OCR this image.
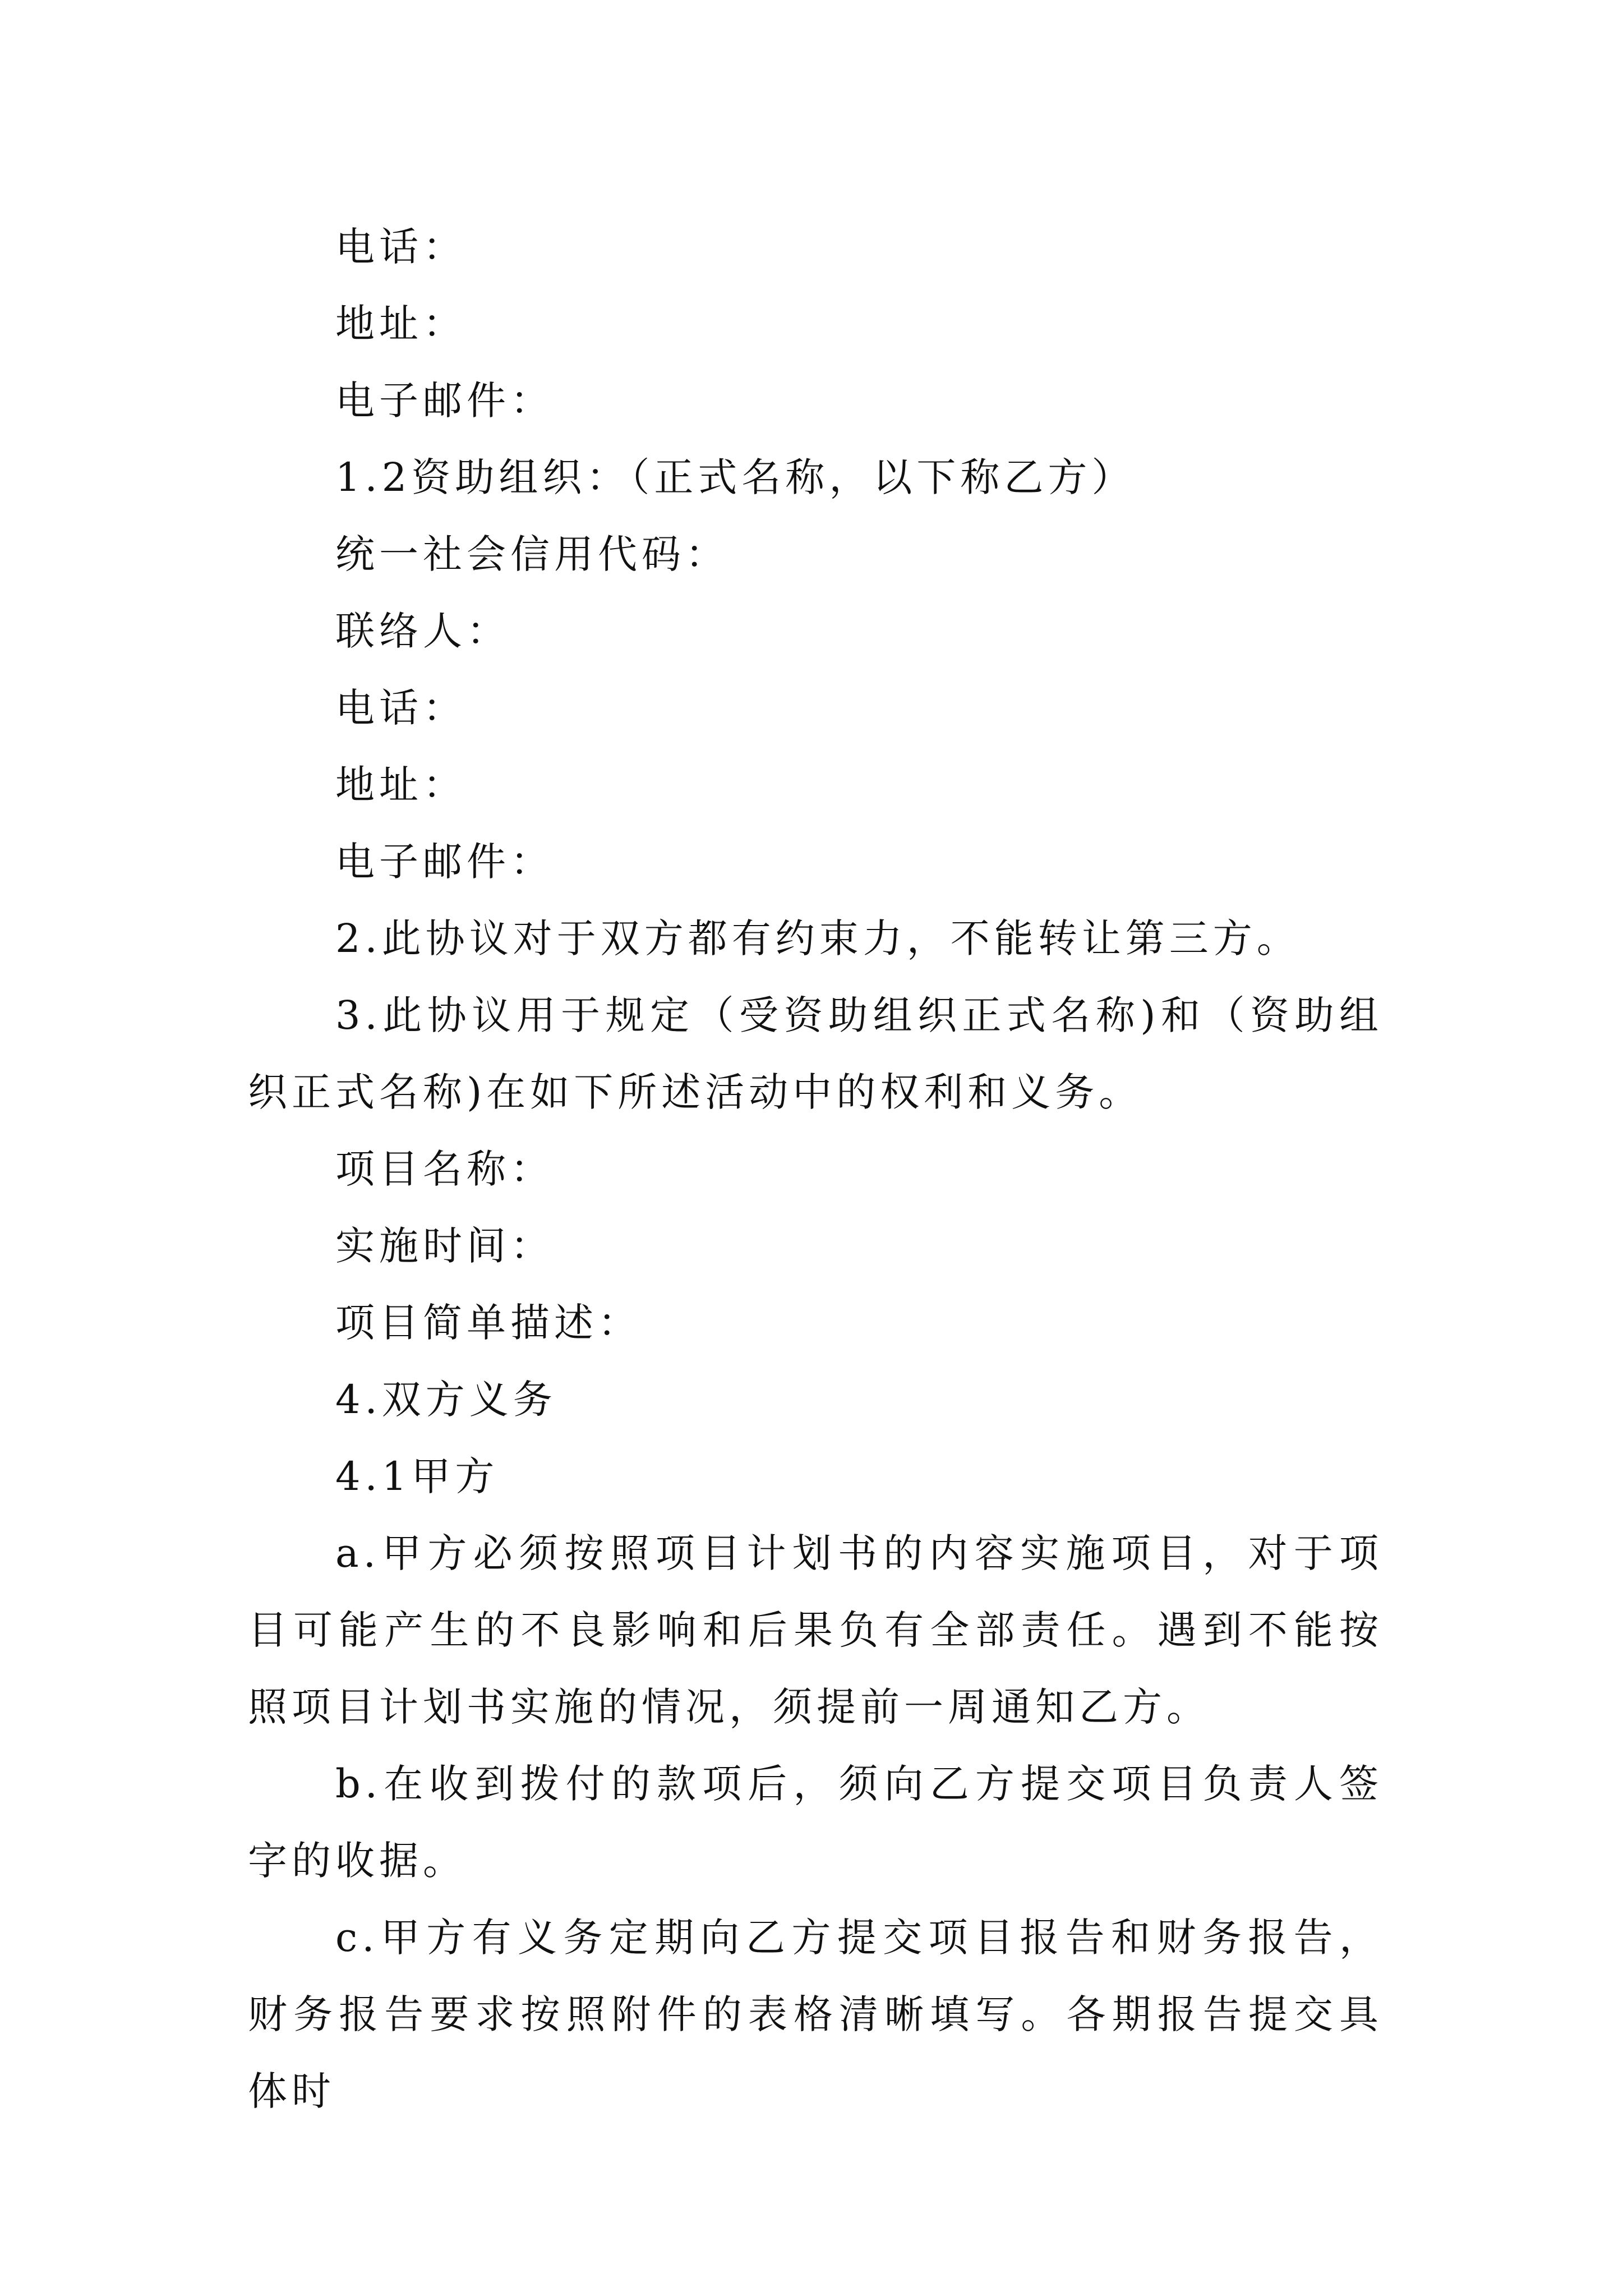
电话：
地址：
电子邮件：
1.2资助组织：（正式名称，以下称乙方）
统一社会信用代码：
联络人：
电话：
地址：
电子邮件：
2.此协议对于双方都有约束力，不能转让第三方。
3.此协议用于规定（受资助组织正式名称)和（资助组织正式名称)在如下所述活动中的权利和义务。
项目名称：
实施时间：
项目简单描述：
4.双方义务
4.1甲方
a.甲方必须按照项目计划书的内容实施项目，对于项目可能产生的不良影响和后果负有全部责任。遇到不能按照项目计划书实施的情况，须提前一周通知乙方。
b.在收到拨付的款项后，须向乙方提交项目负责人签字的收据。
c.甲方有义务定期向乙方提交项目报告和财务报告，财务报告要求按照附件的表格清晰填写。各期报告提交具体时
